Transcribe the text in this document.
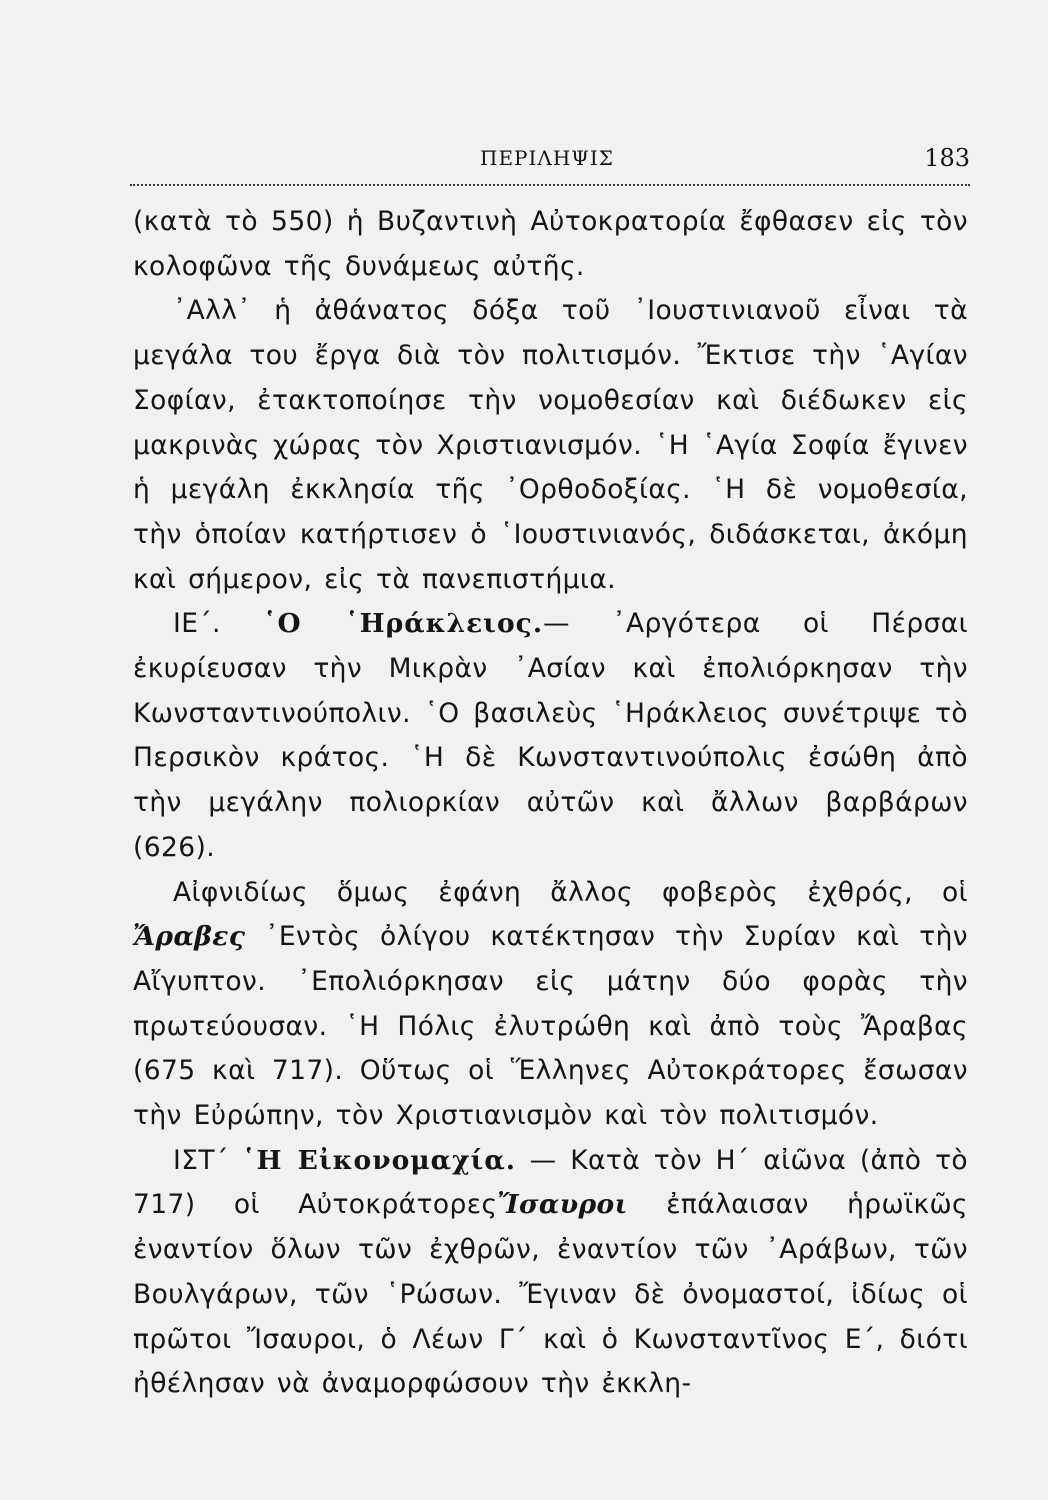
ΠΕΡΙΛΗΨΙΣ	183

(κατὰ τὸ 550) ἡ Βυζαντινὴ Αὐτοκρατορία ἔφθασεν εἰς τὸν κολοφῶνα τῆς δυνάμεως αὐτῆς.

᾿Αλλ᾿ ἡ ἀθάνατος δόξα τοῦ ᾿Ιουστινιανοῦ εἶναι τὰ μεγάλα του ἔργα διὰ τὸν πολιτισμόν. Ἔκτισε τὴν ῾Αγίαν Σοφίαν, ἐτακτοποίησε τὴν νομοθεσίαν καὶ διέδωκεν εἰς μακρινὰς χώρας τὸν Χριστιανισμόν. ῾Η ῾Αγία Σοφία ἔγινεν ἡ μεγάλη ἐκκλησία τῆς ᾿Ορθοδοξίας. ῾Η δὲ νομοθεσία, τὴν ὁποίαν κατήρτισεν ὁ ῾Ιουστινιανός, διδάσκεται, ἀκόμη καὶ σήμερον, εἰς τὰ πανεπιστήμια.

ΙΕ΄. ῾Ο ῾Ηράκλειος.— ᾿Αργότερα οἱ Πέρσαι ἐκυρίευσαν τὴν Μικρὰν ᾿Ασίαν καὶ ἐπολιόρκησαν τὴν Κωνσταντινούπολιν. ῾Ο βασιλεὺς ῾Ηράκλειος συνέτριψε τὸ Περσικὸν κράτος. ῾Η δὲ Κωνσταντινούπολις ἐσώθη ἀπὸ τὴν μεγάλην πολιορκίαν αὐτῶν καὶ ἄλλων βαρβάρων (626).

Αἰφνιδίως ὅμως ἐφάνη ἄλλος φοβερὸς ἐχθρός, οἱ Ἄραβες ᾿Εντὸς ὀλίγου κατέκτησαν τὴν Συρίαν καὶ τὴν Αἴγυπτον. ᾿Επολιόρκησαν εἰς μάτην δύο φορὰς τὴν πρωτεύουσαν. ῾Η Πόλις ἐλυτρώθη καὶ ἀπὸ τοὺς Ἄραβας (675 καὶ 717). Οὕτως οἱ Ἕλληνες Αὐτοκράτορες ἔσωσαν τὴν Εὐρώπην, τὸν Χριστιανισμὸν καὶ τὸν πολιτισμόν.

ΙΣΤ΄ ῾Η Εἰκονομαχία. — Κατὰ τὸν Η΄ αἰῶνα (ἀπὸ τὸ 717) οἱ ΑὐτοκράτορεςἼσαυροι ἐπάλαισαν ἡρωϊκῶς ἐναντίον ὅλων τῶν ἐχθρῶν, ἐναντίον τῶν ᾿Αράβων, τῶν Βουλγάρων, τῶν ῾Ρώσων. Ἔγιναν δὲ ὀνομαστοί, ἰδίως οἱ πρῶτοι Ἴσαυροι, ὁ Λέων Γ΄ καὶ ὁ Κωνσταντῖνος Ε΄, διότι ἠθέλησαν νὰ ἀναμορφώσουν τὴν ἐκκλη-
